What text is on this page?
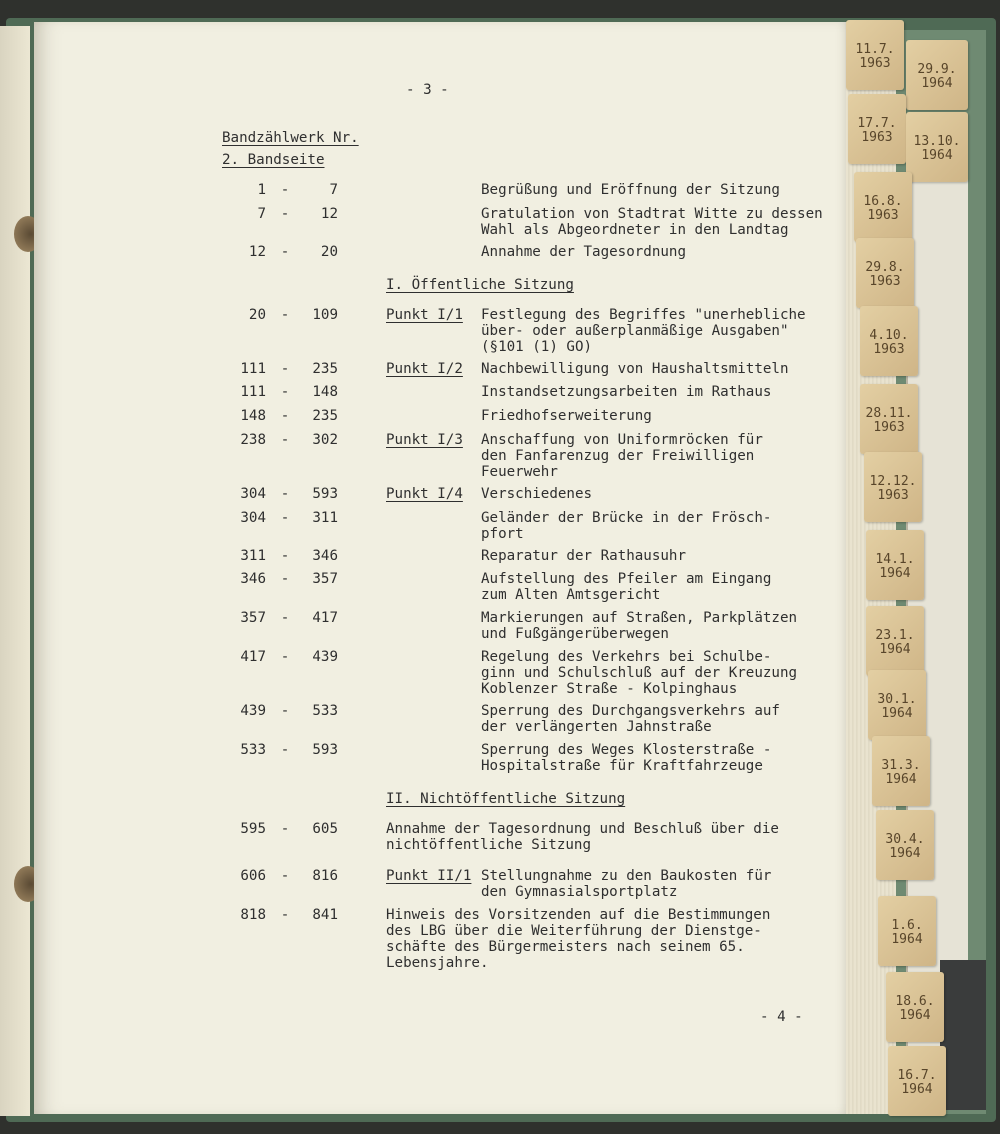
- 3 -
Bandzählwerk Nr.
2. Bandseite
1 -	7	Begrüßung und Eröffnung der Sitzung
7 -	12	Gratulation von Stadtrat Witte zu dessen
Wahl als Abgeordneter in den Landtag
12 -	20	Annahme der Tagesordnung
20 -	109	Punkt I/1 Festlegung des Begriffes "unerhebliche
über- oder außerplanmäßige Ausgaben"
(§101 (1) GO)
111 -	235	Punkt I/2 Nachbewilligung von Haushaltsmitteln
111 -	148	Instandsetzungsarbeiten im Rathaus
148 -	235	Friedhofserweiterung
238 -	302	Punkt I/3 Anschaffung von Uniformröcken für
den Fanfarenzug der Freiwilligen
Feuerwehr
304 -	593	Punkt I/4 Verschiedenes
304 -	311	Geländer der Brücke in der Frösch-
pfort
311 -	346	Reparatur der Rathausuhr
346 -	357	Aufstellung des Pfeiler am Eingang
zum Alten Amtsgericht
357 -	417	Markierungen auf Straßen, Parkplätzen
und Fußgängerüberwegen
417 -	439	Regelung des Verkehrs bei Schulbe-
ginn und Schulschluß auf der Kreuzung
Koblenzer Straße - Kolpinghaus
439 -	533	Sperrung des Durchgangsverkehrs auf
der verlängerten Jahnstraße
533 -	593	Sperrung des Weges Klosterstraße -
Hospitalstraße für Kraftfahrzeuge
595 -	605	Annahme der Tagesordnung und Beschluß über die
nichtöffentliche Sitzung
606 -	816	Punkt II/1 Stellungnahme zu den Baukosten für
den Gymnasialsportplatz
818 -	841	Hinweis des Vorsitzenden auf die Bestimmungen
des LBG über die Weiterführung der Dienstge-
schäfte des Bürgermeisters nach seinem 65.
Lebensjahre.
I. Öffentliche Sitzung
II. Nichtöffentliche Sitzung
- 4 -
11.7.
1963	29.9.
1964
17.7.
1963	13.10.
1964
16.8.
1963
29.8.
1963
4.10.
1963
28.11.
1963
12.12.
1963
14.1.
1964
23.1.
1964
30.1.
1964
31.3.
1964
30.4.
1964
1.6.
1964
18.6.
1964
16.7.
1964
